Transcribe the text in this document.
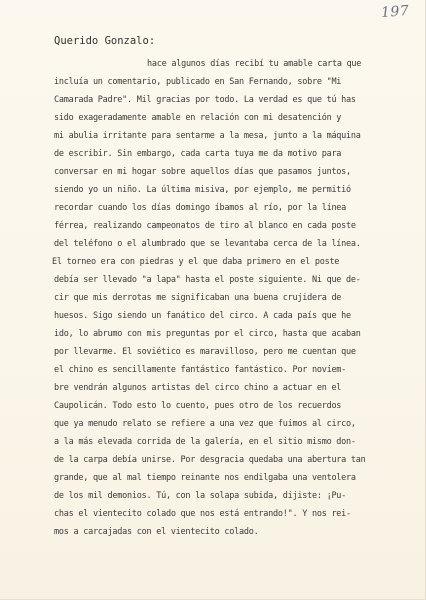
197
Querido Gonzalo:
hace algunos días recibí tu amable carta que
incluía un comentario, publicado en San Fernando, sobre "Mi
Camarada Padre". Mil gracias por todo. La verdad es que tú has
sido exageradamente amable en relación con mi desatención y
mi abulia irritante para sentarme a la mesa, junto a la máquina
de escribir. Sin embargo, cada carta tuya me da motivo para
conversar en mi hogar sobre aquellos días que pasamos juntos,
siendo yo un niño. La última misiva, por ejemplo, me permitió
recordar cuando los días domingo íbamos al río, por la línea
férrea, realizando campeonatos de tiro al blanco en cada poste
del teléfono o el alumbrado que se levantaba cerca de la línea.
El torneo era con piedras y el que daba primero en el poste
debía ser llevado "a lapa" hasta el poste siguiente. Ni que de-
cir que mis derrotas me significaban una buena crujidera de
huesos. Sigo siendo un fanático del circo. A cada país que he
ido, lo abrumo con mis preguntas por el circo, hasta que acaban
por llevarme. El soviético es maravilloso, pero me cuentan que
el chino es sencillamente fantástico fantástico. Por noviem-
bre vendrán algunos artistas del circo chino a actuar en el
Caupolicán. Todo esto lo cuento, pues otro de los recuerdos
que ya menudo relato se refiere a una vez que fuimos al circo,
a la más elevada corrida de la galería, en el sitio mismo don-
de la carpa debía unirse. Por desgracia quedaba una abertura tan
grande, que al mal tiempo reinante nos endilgaba una ventolera
de los mil demonios. Tú, con la solapa subida, dijiste: ¡Pu-
chas el vientecito colado que nos está entrando!". Y nos rei-
mos a carcajadas con el vientecito colado.
